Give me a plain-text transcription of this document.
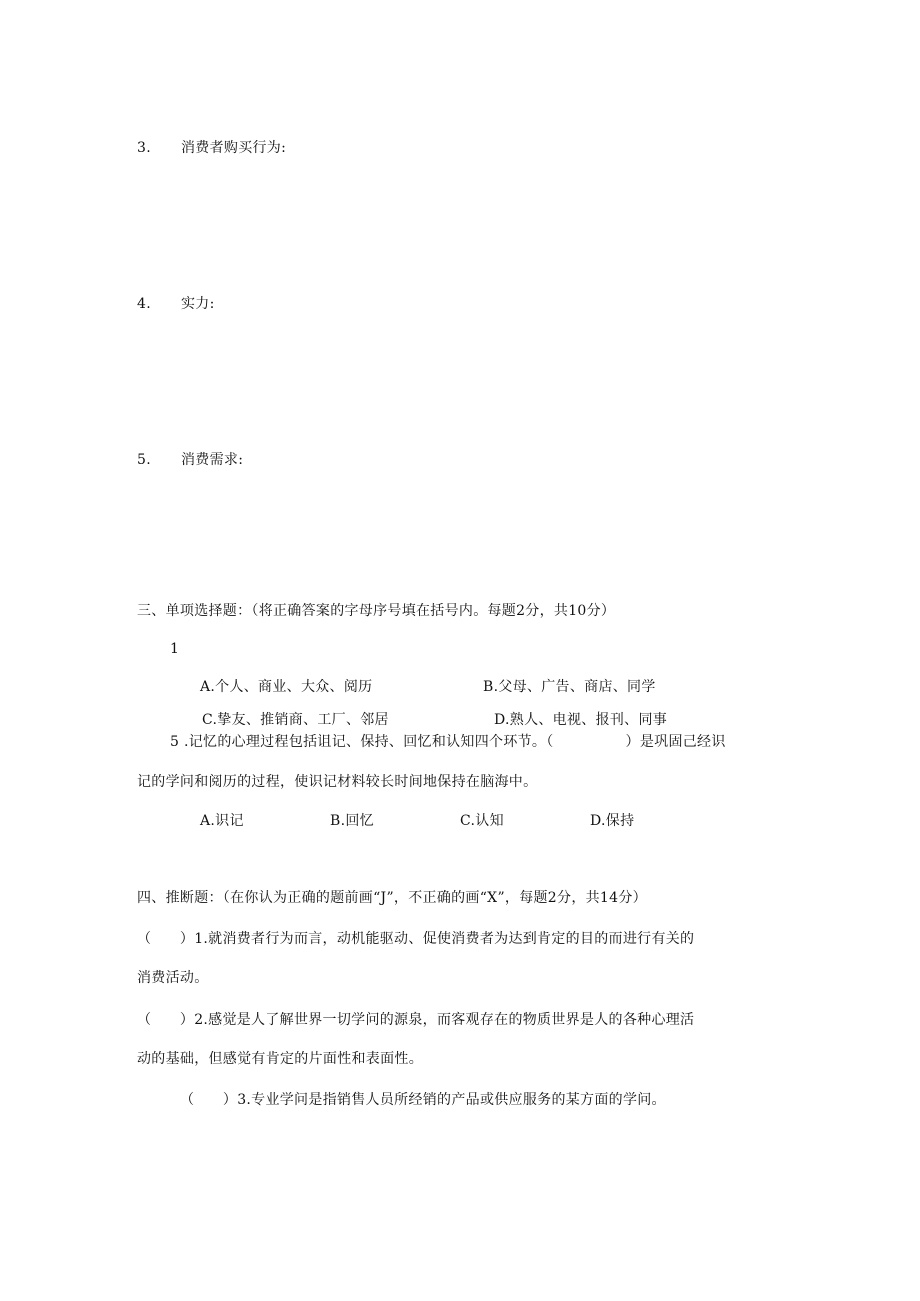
3. 消费者购买行为:
4. 实力:
5. 消费需求:
三、单项选择题：（将正确答案的字母序号填在括号内。每题2分，共10分）
1
A.个人、商业、大众、阅历	B.父母、广告、商店、同学
C.挚友、推销商、工厂、邻居	D.熟人、电视、报刊、同事
5 .记忆的心理过程包括诅记、保持、回忆和认知四个环节。（	）是巩固己经识
记的学问和阅历的过程，使识记材料较长时间地保持在脑海中。
A.识记	B.回忆	C.认知	D.保持
四、推断题：（在你认为正确的题前画“J”，不正确的画“X”，每题2分，共14分）
（　　）1.就消费者行为而言，动机能驱动、促使消费者为达到肯定的目的而进行有关的
消费活动。
（　　）2.感觉是人了解世界一切学问的源泉，而客观存在的物质世界是人的各种心理活
动的基础，但感觉有肯定的片面性和表面性。
（　　）3.专业学问是指销售人员所经销的产品或供应服务的某方面的学问。
